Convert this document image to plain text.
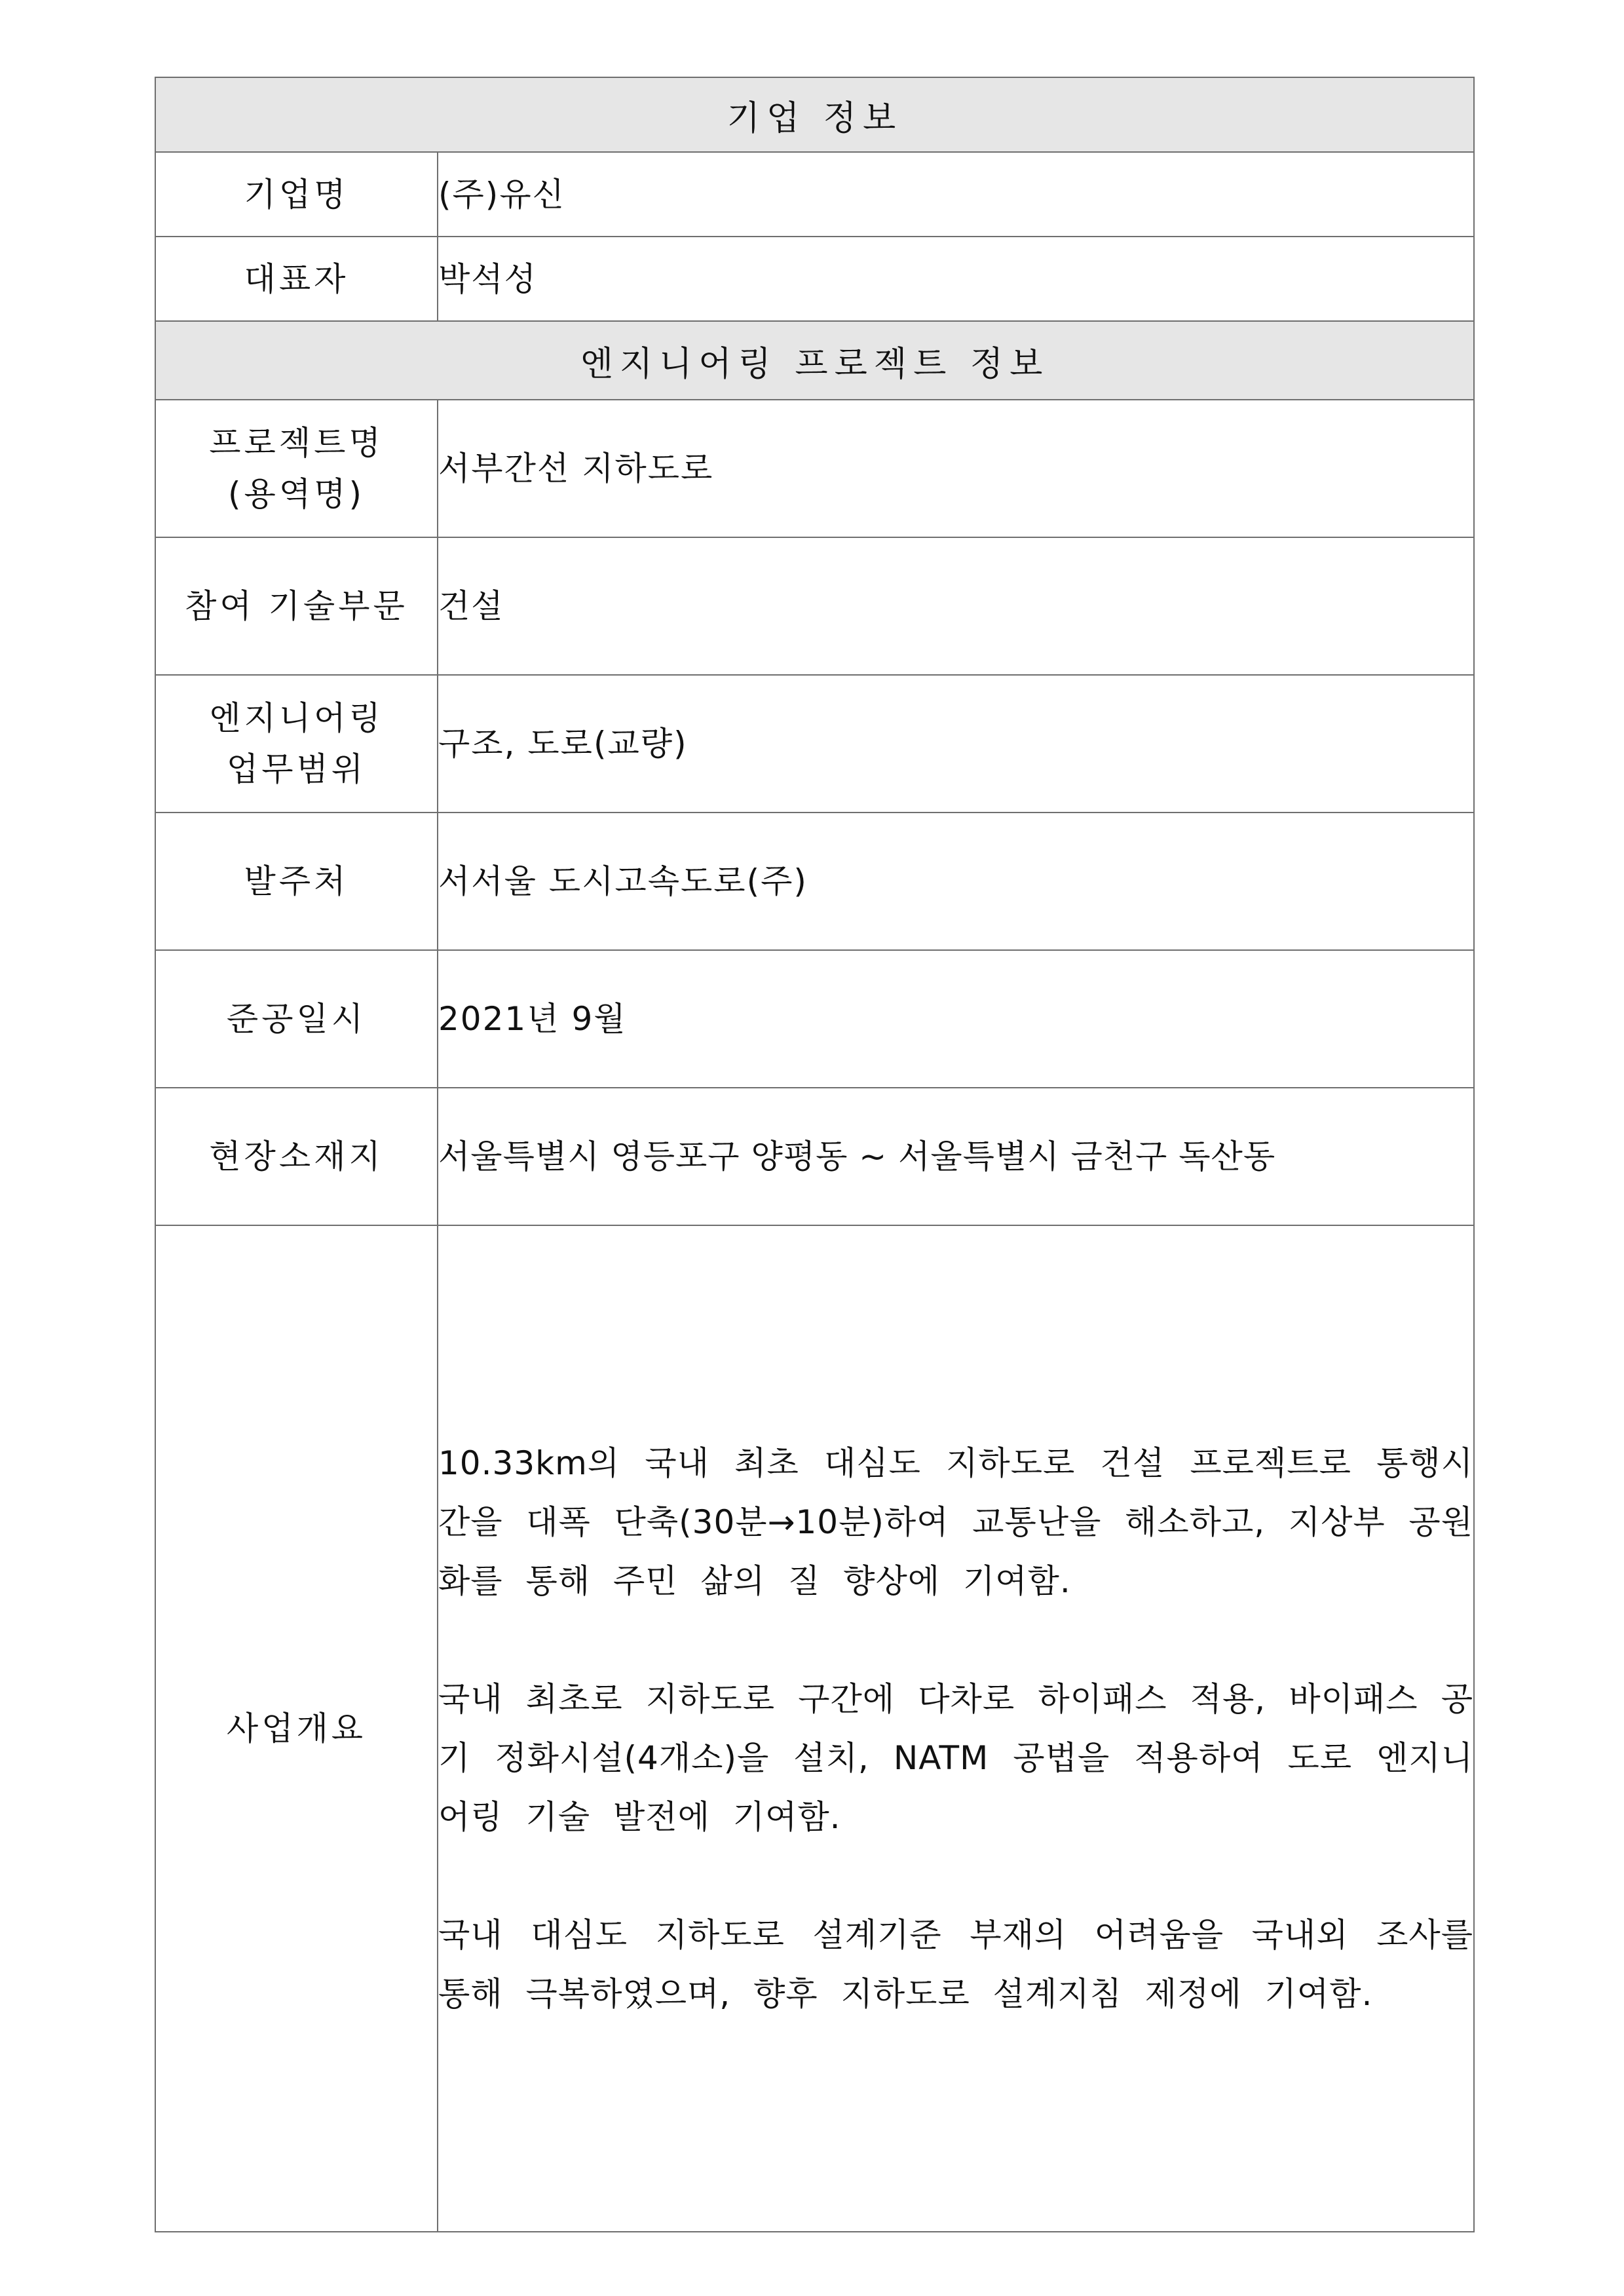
기업 정보	
기업명	(주)유신
대표자	박석성
엔지니어링 프로젝트 정보	

프로젝트명
(용역명)	서부간선 지하도로
참여 기술부문	건설

엔지니어링
업무범위	구조, 도로(교량)
발주처	서서울 도시고속도로(주)
준공일시	2021년 9월
현장소재지	서울특별시 영등포구 양평동 ~ 서울특별시 금천구 독산동
사업개요	10.33km의 국내 최초 대심도 지하도로 건설 프로젝트로 통행시간을 대폭 단축(30분→10분)하여 교통난을 해소하고, 지상부 공원화를 통해 주민 삶의 질 향상에 기여함.

국내 최초로 지하도로 구간에 다차로 하이패스 적용, 바이패스 공기 정화시설(4개소)을 설치, NATM 공법을 적용하여 도로 엔지니어링 기술 발전에 기여함.

국내 대심도 지하도로 설계기준 부재의 어려움을 국내외 조사를 통해 극복하였으며, 향후 지하도로 설계지침 제정에 기여함.
